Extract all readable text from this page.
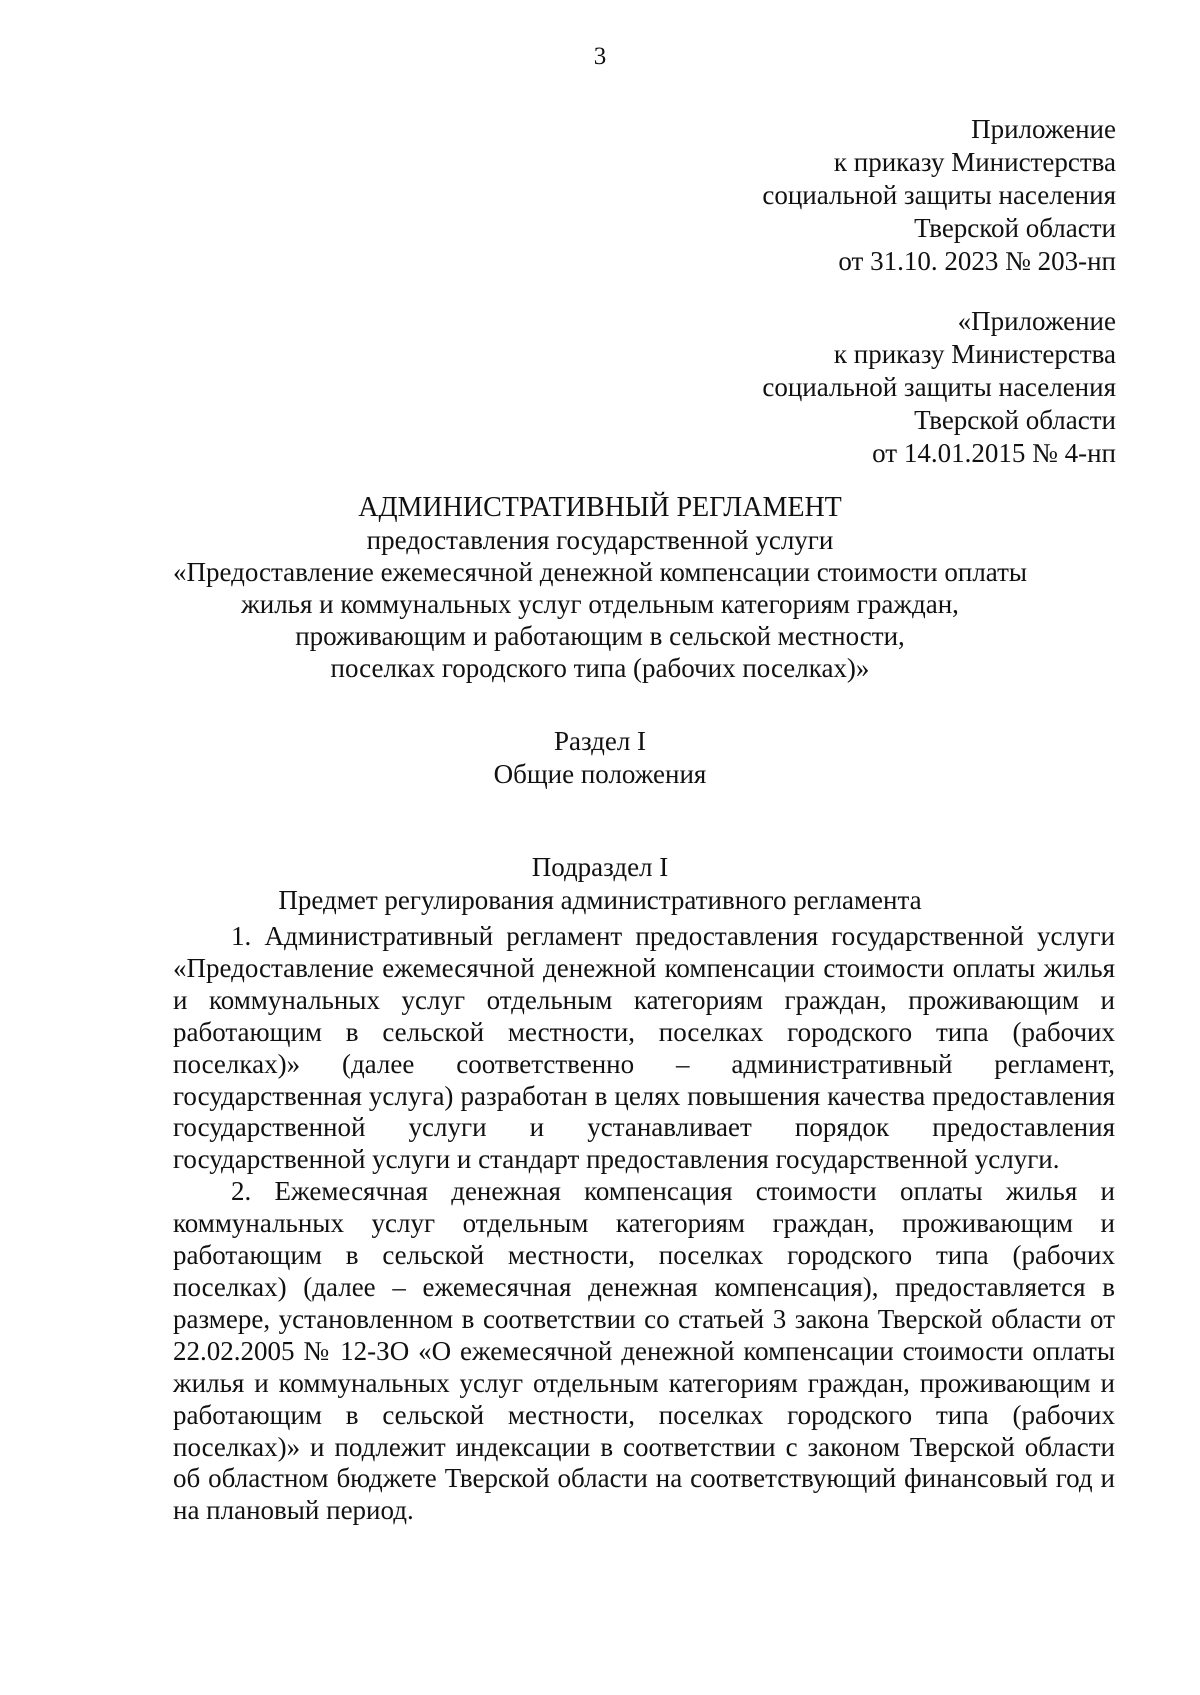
3
Приложение
к приказу Министерства
социальной защиты населения
Тверской области
от 31.10. 2023 № 203-нп
«Приложение
к приказу Министерства
социальной защиты населения
Тверской области
от 14.01.2015 № 4-нп
АДМИНИСТРАТИВНЫЙ РЕГЛАМЕНТ
предоставления государственной услуги
«Предоставление ежемесячной денежной компенсации стоимости оплаты
жилья и коммунальных услуг отдельным категориям граждан,
проживающим и работающим в сельской местности,
поселках городского типа (рабочих поселках)»
Раздел I
Общие положения
Подраздел I
Предмет регулирования административного регламента

1. Административный регламент предоставления государственной услуги «Предоставление ежемесячной денежной компенсации стоимости оплаты жилья и коммунальных услуг отдельным категориям граждан, проживающим и работающим в сельской местности, поселках городского типа (рабочих поселках)» (далее соответственно – административный регламент, государственная услуга) разработан в целях повышения качества предоставления государственной услуги и устанавливает порядок предоставления государственной услуги и стандарт предоставления государственной услуги.

2. Ежемесячная денежная компенсация стоимости оплаты жилья и коммунальных услуг отдельным категориям граждан, проживающим и работающим в сельской местности, поселках городского типа (рабочих поселках) (далее – ежемесячная денежная компенсация), предоставляется в размере, установленном в соответствии со статьей 3 закона Тверской области от 22.02.2005 № 12-ЗО «О ежемесячной денежной компенсации стоимости оплаты жилья и коммунальных услуг отдельным категориям граждан, проживающим и работающим в сельской местности, поселках городского типа (рабочих поселках)» и подлежит индексации в соответствии с законом Тверской области об областном бюджете Тверской области на соответствующий финансовый год и на плановый период.
